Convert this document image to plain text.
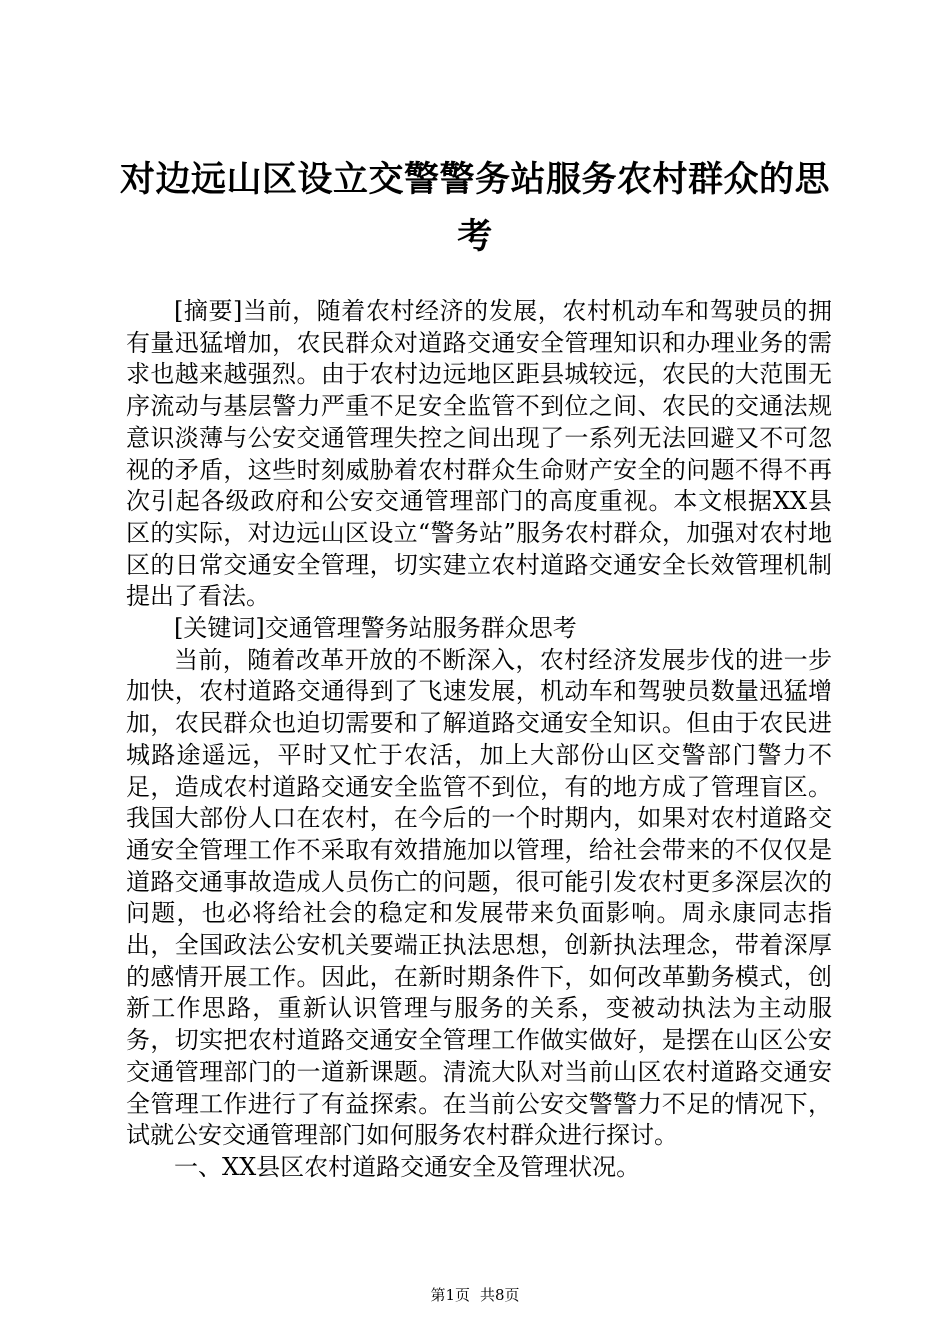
对边远山区设立交警警务站服务农村群众的思考

[摘要]当前，随着农村经济的发展，农村机动车和驾驶员的拥有量迅猛增加，农民群众对道路交通安全管理知识和办理业务的需求也越来越强烈。由于农村边远地区距县城较远，农民的大范围无序流动与基层警力严重不足安全监管不到位之间、农民的交通法规意识淡薄与公安交通管理失控之间出现了一系列无法回避又不可忽视的矛盾，这些时刻威胁着农村群众生命财产安全的问题不得不再次引起各级政府和公安交通管理部门的高度重视。本文根据XX县区的实际，对边远山区设立“警务站”服务农村群众，加强对农村地区的日常交通安全管理，切实建立农村道路交通安全长效管理机制提出了看法。

[关键词]交通管理警务站服务群众思考

当前，随着改革开放的不断深入，农村经济发展步伐的进一步加快，农村道路交通得到了飞速发展，机动车和驾驶员数量迅猛增加，农民群众也迫切需要和了解道路交通安全知识。但由于农民进城路途遥远，平时又忙于农活，加上大部份山区交警部门警力不足，造成农村道路交通安全监管不到位，有的地方成了管理盲区。我国大部份人口在农村，在今后的一个时期内，如果对农村道路交通安全管理工作不采取有效措施加以管理，给社会带来的不仅仅是道路交通事故造成人员伤亡的问题，很可能引发农村更多深层次的问题，也必将给社会的稳定和发展带来负面影响。周永康同志指出，全国政法公安机关要端正执法思想，创新执法理念，带着深厚的感情开展工作。因此，在新时期条件下，如何改革勤务模式，创新工作思路，重新认识管理与服务的关系，变被动执法为主动服务，切实把农村道路交通安全管理工作做实做好，是摆在山区公安交通管理部门的一道新课题。清流大队对当前山区农村道路交通安全管理工作进行了有益探索。在当前公安交警警力不足的情况下，试就公安交通管理部门如何服务农村群众进行探讨。

一、XX县区农村道路交通安全及管理状况。

第1页 共8页
